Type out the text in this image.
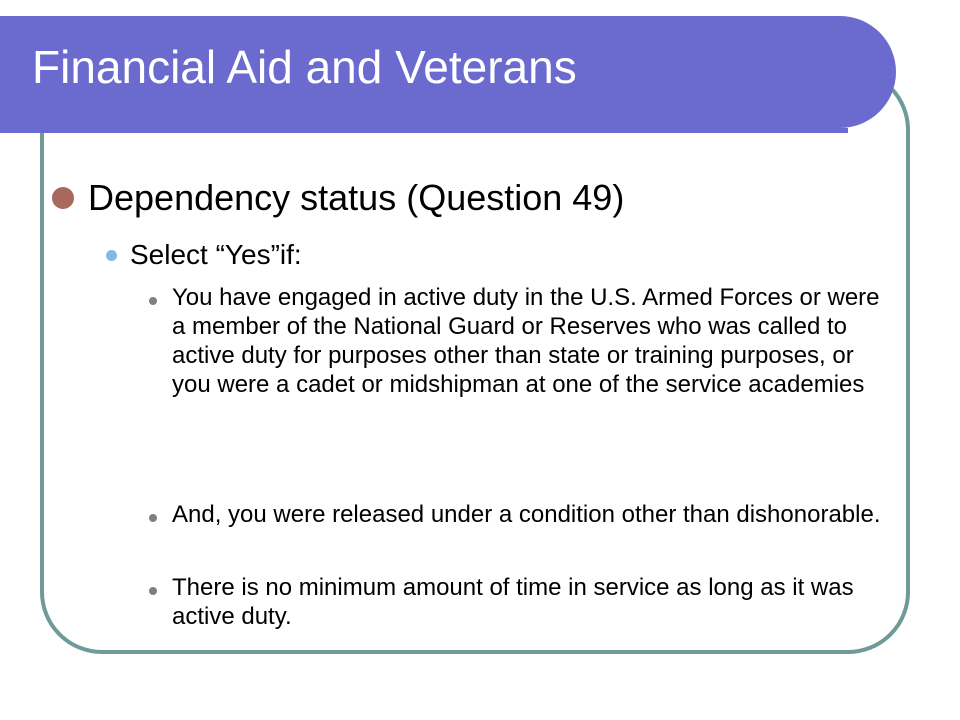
Financial Aid and Veterans
Dependency status (Question 49)
Select “Yes”if:

You have engaged in active duty in the U.S. Armed Forces or were a member of the National Guard or Reserves who was called to active duty for purposes other than state or training purposes, or you were a cadet or midshipman at one of the service academies

And, you were released under a condition other than dishonorable.

There is no minimum amount of time in service as long as it was active duty.
